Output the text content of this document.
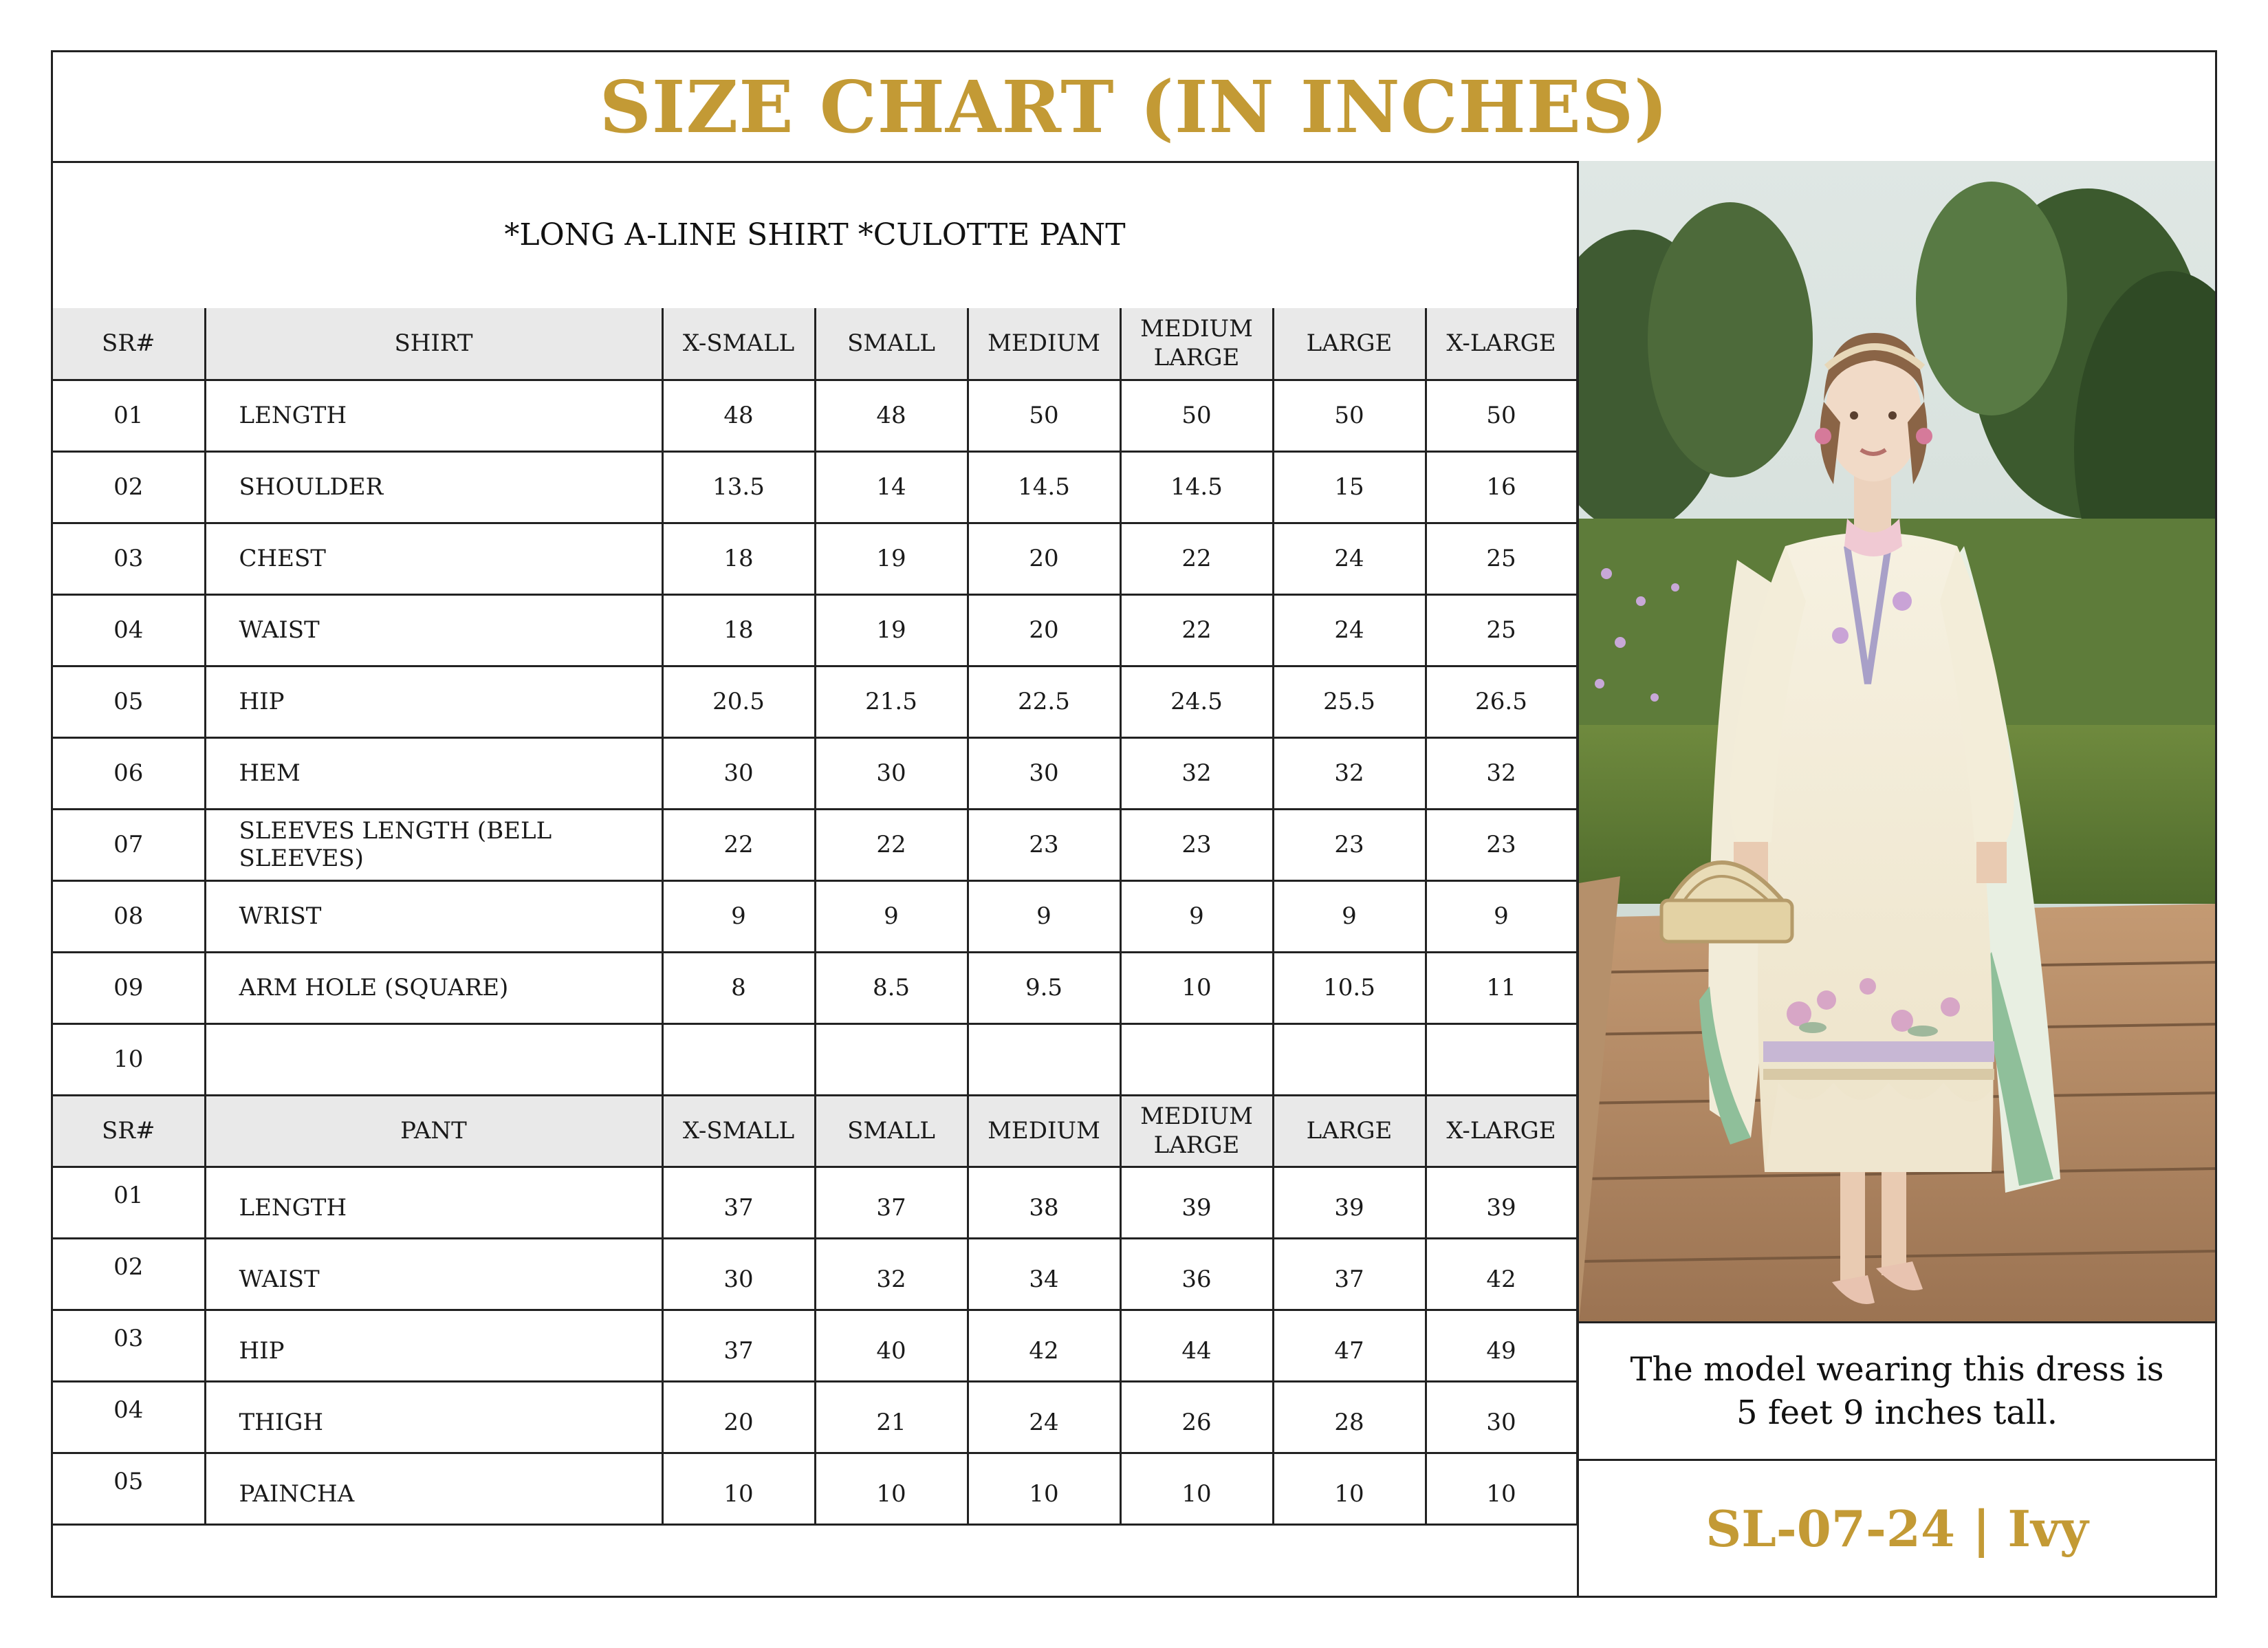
SIZE CHART (IN INCHES)
*LONG A-LINE SHIRT *CULOTTE PANT
SR#	SHIRT	X-SMALL	SMALL	MEDIUM	MEDIUM LARGE	LARGE	X-LARGE
01	LENGTH	48	48	50	50	50	50
02	SHOULDER	13.5	14	14.5	14.5	15	16
03	CHEST	18	19	20	22	24	25
04	WAIST	18	19	20	22	24	25
05	HIP	20.5	21.5	22.5	24.5	25.5	26.5
06	HEM	30	30	30	32	32	32
07	SLEEVES LENGTH (BELL SLEEVES)	22	22	23	23	23	23
08	WRIST	9	9	9	9	9	9
09	ARM HOLE (SQUARE)	8	8.5	9.5	10	10.5	11
10							
SR#	PANT	X-SMALL	SMALL	MEDIUM	MEDIUM LARGE	LARGE	X-LARGE
01	LENGTH	37	37	38	39	39	39
02	WAIST	30	32	34	36	37	42
03	HIP	37	40	42	44	47	49
04	THIGH	20	21	24	26	28	30
05	PAINCHA	10	10	10	10	10	10
The model wearing this dress is
5 feet 9 inches tall.
SL-07-24 | Ivy
